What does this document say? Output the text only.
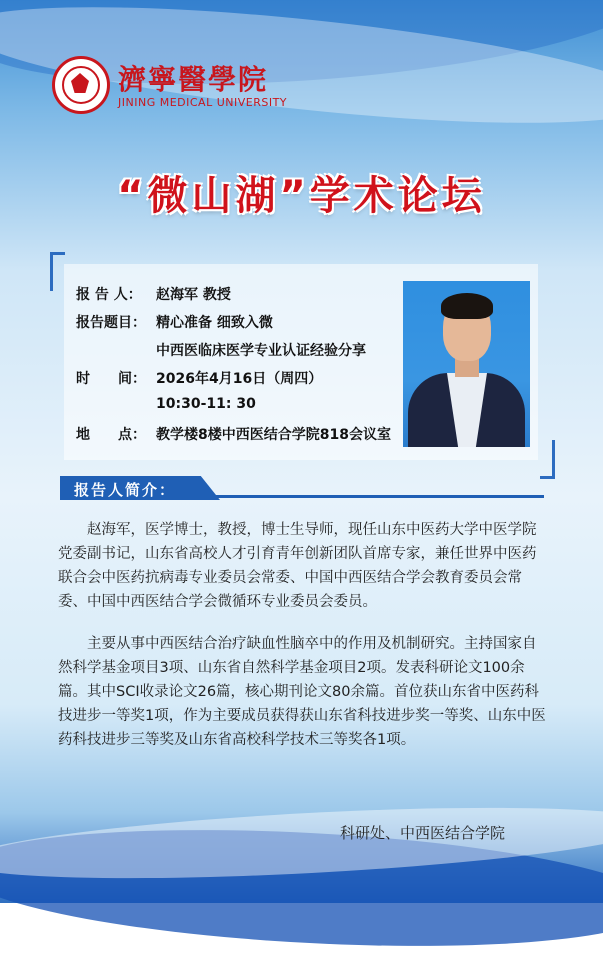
濟寧醫學院
JINING MEDICAL UNIVERSITY
“微山湖”学术论坛
报 告 人： 赵海军 教授
报告题目： 精心准备 细致入微
中西医临床医学专业认证经验分享
时　　间： 2026年4月16日（周四）
10:30-11: 30
地　　点： 教学楼8楼中西医结合学院818会议室
报告人简介：

赵海军，医学博士，教授，博士生导师，现任山东中医药大学中医学院党委副书记，山东省高校人才引育青年创新团队首席专家，兼任世界中医药联合会中医药抗病毒专业委员会常委、中国中西医结合学会教育委员会常委、中国中西医结合学会微循环专业委员会委员。

主要从事中西医结合治疗缺血性脑卒中的作用及机制研究。主持国家自然科学基金项目3项、山东省自然科学基金项目2项。发表科研论文100余篇。其中SCI收录论文26篇，核心期刊论文80余篇。首位获山东省中医药科技进步一等奖1项，作为主要成员获得获山东省科技进步奖一等奖、山东中医药科技进步三等奖及山东省高校科学技术三等奖各1项。

科研处、中西医结合学院
